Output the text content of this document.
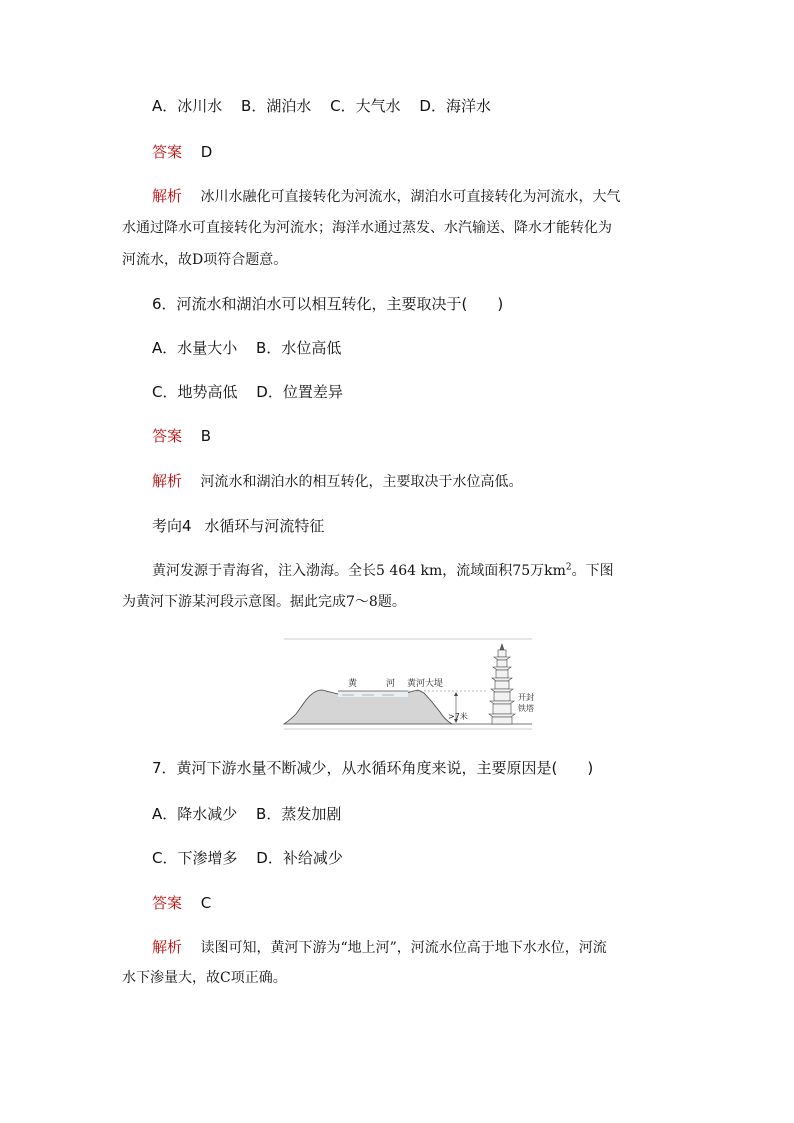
A．冰川水 B．湖泊水 C．大气水 D．海洋水
答案 D
解析 冰川水融化可直接转化为河流水，湖泊水可直接转化为河流水，大气
水通过降水可直接转化为河流水；海洋水通过蒸发、水汽输送、降水才能转化为
河流水，故D项符合题意。
6．河流水和湖泊水可以相互转化，主要取决于(　　)
A．水量大小 B．水位高低
C．地势高低 D．位置差异
答案 B
解析 河流水和湖泊水的相互转化，主要取决于水位高低。
考向4 水循环与河流特征
黄河发源于青海省，注入渤海。全长5 464 km，流域面积75万$km^2$。下图
为黄河下游某河段示意图。据此完成7～8题。
黄	河 黄河大堤
>7米
开封
铁塔
7．黄河下游水量不断减少，从水循环角度来说，主要原因是(　　)
A．降水减少 B．蒸发加剧
C．下渗增多 D．补给减少
答案 C
解析 读图可知，黄河下游为“地上河”，河流水位高于地下水水位，河流
水下渗量大，故C项正确。
